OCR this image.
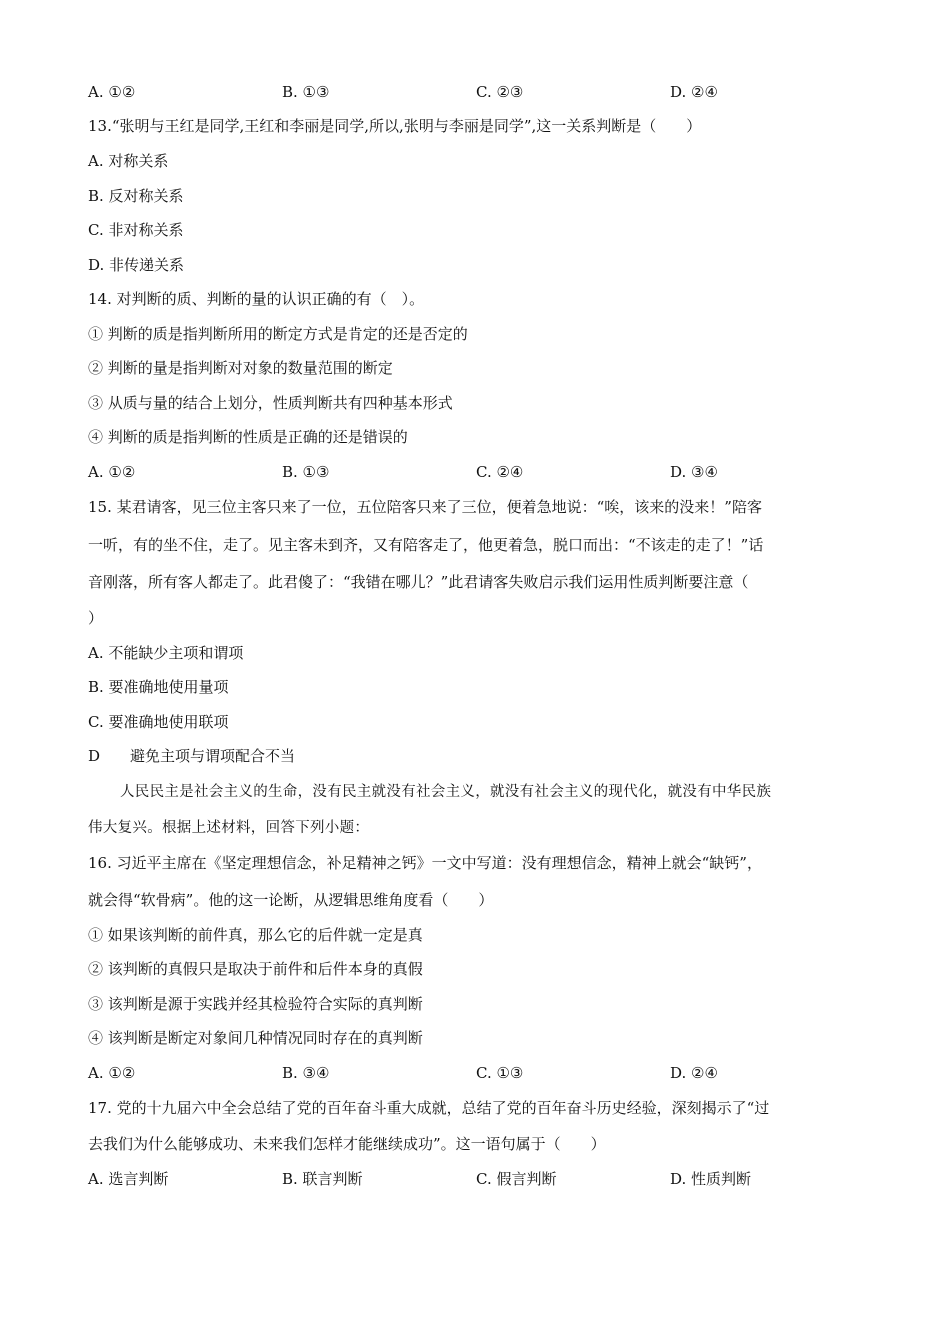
A. ①②	B. ①③	C. ②③	D. ②④
13.“张明与王红是同学,王红和李丽是同学,所以,张明与李丽是同学”,这一关系判断是（　　）
A. 对称关系
B. 反对称关系
C. 非对称关系
D. 非传递关系
14. 对判断的质、判断的量的认识正确的有（　）。
① 判断的质是指判断所用的断定方式是肯定的还是否定的
② 判断的量是指判断对对象的数量范围的断定
③ 从质与量的结合上划分，性质判断共有四种基本形式
④ 判断的质是指判断的性质是正确的还是错误的
A. ①②	B. ①③	C. ②④	D. ③④
15. 某君请客，见三位主客只来了一位，五位陪客只来了三位，便着急地说：“唉，该来的没来！”陪客
一听，有的坐不住，走了。见主客未到齐，又有陪客走了，他更着急，脱口而出：“不该走的走了！”话
音刚落，所有客人都走了。此君傻了：“我错在哪儿？”此君请客失败启示我们运用性质判断要注意（
）
A. 不能缺少主项和谓项
B. 要准确地使用量项
C. 要准确地使用联项
D　　避免主项与谓项配合不当
人民民主是社会主义的生命，没有民主就没有社会主义，就没有社会主义的现代化，就没有中华民族
伟大复兴。根据上述材料，回答下列小题：
16. 习近平主席在《坚定理想信念，补足精神之钙》一文中写道：没有理想信念，精神上就会“缺钙”，
就会得“软骨病”。他的这一论断，从逻辑思维角度看（　　）
① 如果该判断的前件真，那么它的后件就一定是真
② 该判断的真假只是取决于前件和后件本身的真假
③ 该判断是源于实践并经其检验符合实际的真判断
④ 该判断是断定对象间几种情况同时存在的真判断
A. ①②	B. ③④	C. ①③	D. ②④
17. 党的十九届六中全会总结了党的百年奋斗重大成就，总结了党的百年奋斗历史经验，深刻揭示了“过
去我们为什么能够成功、未来我们怎样才能继续成功”。这一语句属于（　　）
A. 选言判断	B. 联言判断	C. 假言判断	D. 性质判断
